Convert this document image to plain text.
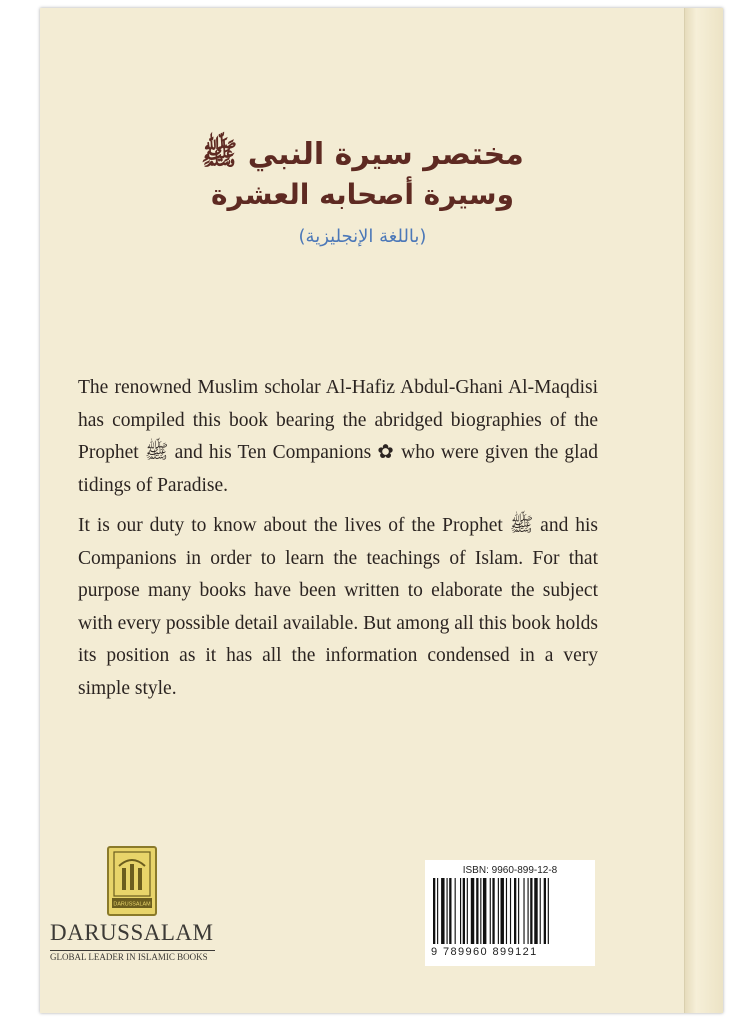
مختصر سيرة النبي ﷺ
وسيرة أصحابه العشرة
(باللغة الإنجليزية)

The renowned Muslim scholar Al-Hafiz Abdul-Ghani Al-Maqdisi has compiled this book bearing the abridged biographies of the Prophet ﷺ and his Ten Companions ✿ who were given the glad tidings of Paradise.

It is our duty to know about the lives of the Prophet ﷺ and his Companions in order to learn the teachings of Islam. For that purpose many books have been written to elaborate the subject with every possible detail available. But among all this book holds its position as it has all the information condensed in a very simple style.

DARUSSALAM
DARUSSALAM
GLOBAL LEADER IN ISLAMIC BOOKS
ISBN: 9960-899-12-8
9 789960 899121
